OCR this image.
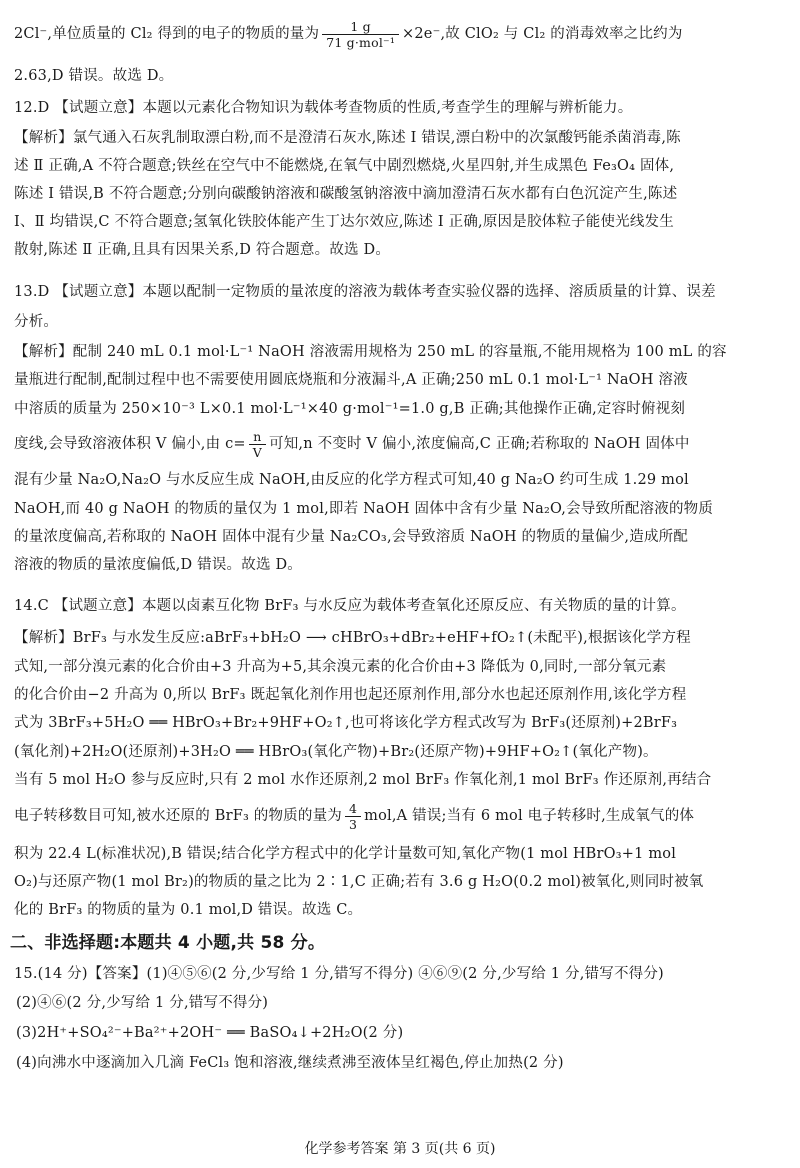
2Cl⁻,单位质量的 Cl₂ 得到的电子的物质的量为 $\frac{1 g}{\text{71 g·mol⁻¹}} \times 2e^-$,故 ClO₂ 与 Cl₂ 的消毒效率之比约为
2.63,D 错误。故选 D。
12.D 【试题立意】本题以元素化合物知识为载体考查物质的性质,考查学生的理解与辨析能力。
【解析】氯气通入石灰乳制取漂白粉,而不是澄清石灰水,陈述 Ⅰ 错误,漂白粉中的次氯酸钙能杀菌消毒,陈
述 Ⅱ 正确,A 不符合题意;铁丝在空气中不能燃烧,在氧气中剧烈燃烧,火星四射,并生成黑色 Fe₃O₄ 固体,
陈述 Ⅰ 错误,B 不符合题意;分别向碳酸钠溶液和碳酸氢钠溶液中滴加澄清石灰水都有白色沉淀产生,陈述
Ⅰ、Ⅱ 均错误,C 不符合题意;氢氧化铁胶体能产生丁达尔效应,陈述 Ⅰ 正确,原因是胶体粒子能使光线发生
散射,陈述 Ⅱ 正确,且具有因果关系,D 符合题意。故选 D。
13.D 【试题立意】本题以配制一定物质的量浓度的溶液为载体考查实验仪器的选择、溶质质量的计算、误差
分析。
【解析】配制 240 mL 0.1 mol·L⁻¹ NaOH 溶液需用规格为 250 mL 的容量瓶,不能用规格为 100 mL 的容
量瓶进行配制,配制过程中也不需要使用圆底烧瓶和分液漏斗,A 正确;250 mL 0.1 mol·L⁻¹ NaOH 溶液
中溶质的质量为 250×10⁻³ L×0.1 mol·L⁻¹×40 g·mol⁻¹=1.0 g,B 正确;其他操作正确,定容时俯视刻
度线,会导致溶液体积 V 偏小,由 $c= \frac{n}{V}$ 可知,n 不变时 V 偏小,浓度偏高,C 正确;若称取的 NaOH 固体中
混有少量 Na₂O,Na₂O 与水反应生成 NaOH,由反应的化学方程式可知,40 g Na₂O 约可生成 1.29 mol
NaOH,而 40 g NaOH 的物质的量仅为 1 mol,即若 NaOH 固体中含有少量 Na₂O,会导致所配溶液的物质
的量浓度偏高,若称取的 NaOH 固体中混有少量 Na₂CO₃,会导致溶质 NaOH 的物质的量偏少,造成所配
溶液的物质的量浓度偏低,D 错误。故选 D。
14.C 【试题立意】本题以卤素互化物 BrF₃ 与水反应为载体考查氧化还原反应、有关物质的量的计算。
【解析】BrF₃ 与水发生反应:aBrF₃+bH₂O ⟶ cHBrO₃+dBr₂+eHF+fO₂↑(未配平),根据该化学方程
式知,一部分溴元素的化合价由+3 升高为+5,其余溴元素的化合价由+3 降低为 0,同时,一部分氧元素
的化合价由−2 升高为 0,所以 BrF₃ 既起氧化剂作用也起还原剂作用,部分水也起还原剂作用,该化学方程
式为 3BrF₃+5H₂O ══ HBrO₃+Br₂+9HF+O₂↑,也可将该化学方程式改写为 BrF₃(还原剂)+2BrF₃
(氧化剂)+2H₂O(还原剂)+3H₂O ══ HBrO₃(氧化产物)+Br₂(还原产物)+9HF+O₂↑(氧化产物)。
当有 5 mol H₂O 参与反应时,只有 2 mol 水作还原剂,2 mol BrF₃ 作氧化剂,1 mol BrF₃ 作还原剂,再结合
电子转移数目可知,被水还原的 BrF₃ 的物质的量为 $\frac{4}{3} mol,A$ 错误;当有 6 mol 电子转移时,生成氧气的体
积为 22.4 L(标准状况),B 错误;结合化学方程式中的化学计量数可知,氧化产物(1 mol HBrO₃+1 mol
O₂)与还原产物(1 mol Br₂)的物质的量之比为 2∶1,C 正确;若有 3.6 g H₂O(0.2 mol)被氧化,则同时被氧
化的 BrF₃ 的物质的量为 0.1 mol,D 错误。故选 C。
二、非选择题:本题共 4 小题,共 58 分。
15.(14 分)【答案】(1)④⑤⑥(2 分,少写给 1 分,错写不得分) ④⑥⑨(2 分,少写给 1 分,错写不得分)
(2)④⑥(2 分,少写给 1 分,错写不得分)
(3)2H⁺+SO₄²⁻+Ba²⁺+2OH⁻ ══ BaSO₄↓+2H₂O(2 分)
(4)向沸水中逐滴加入几滴 FeCl₃ 饱和溶液,继续煮沸至液体呈红褐色,停止加热(2 分)
化学参考答案 第 3 页(共 6 页)
